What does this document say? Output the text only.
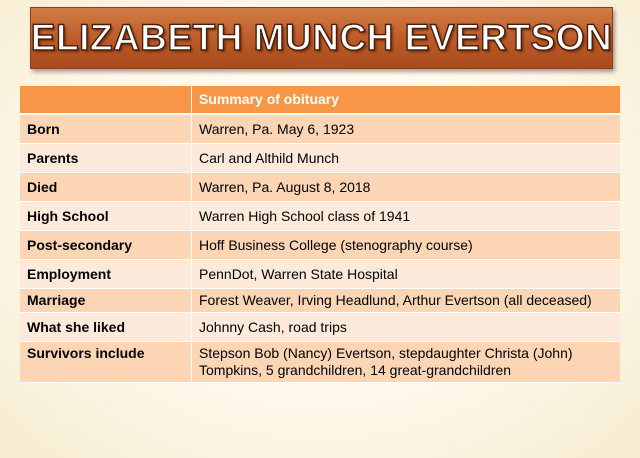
ELIZABETH MUNCH EVERTSON
	Summary of obituary
Born	Warren, Pa. May 6, 1923
Parents	Carl and Althild Munch
Died	Warren, Pa. August 8, 2018
High School	Warren High School class of 1941
Post-secondary	Hoff Business College (stenography course)
Employment	PennDot, Warren State Hospital
Marriage	Forest Weaver, Irving Headlund, Arthur Evertson (all deceased)
What she liked	Johnny Cash, road trips
Survivors include	Stepson Bob (Nancy) Evertson, stepdaughter Christa (John) Tompkins, 5 grandchildren, 14 great-grandchildren
